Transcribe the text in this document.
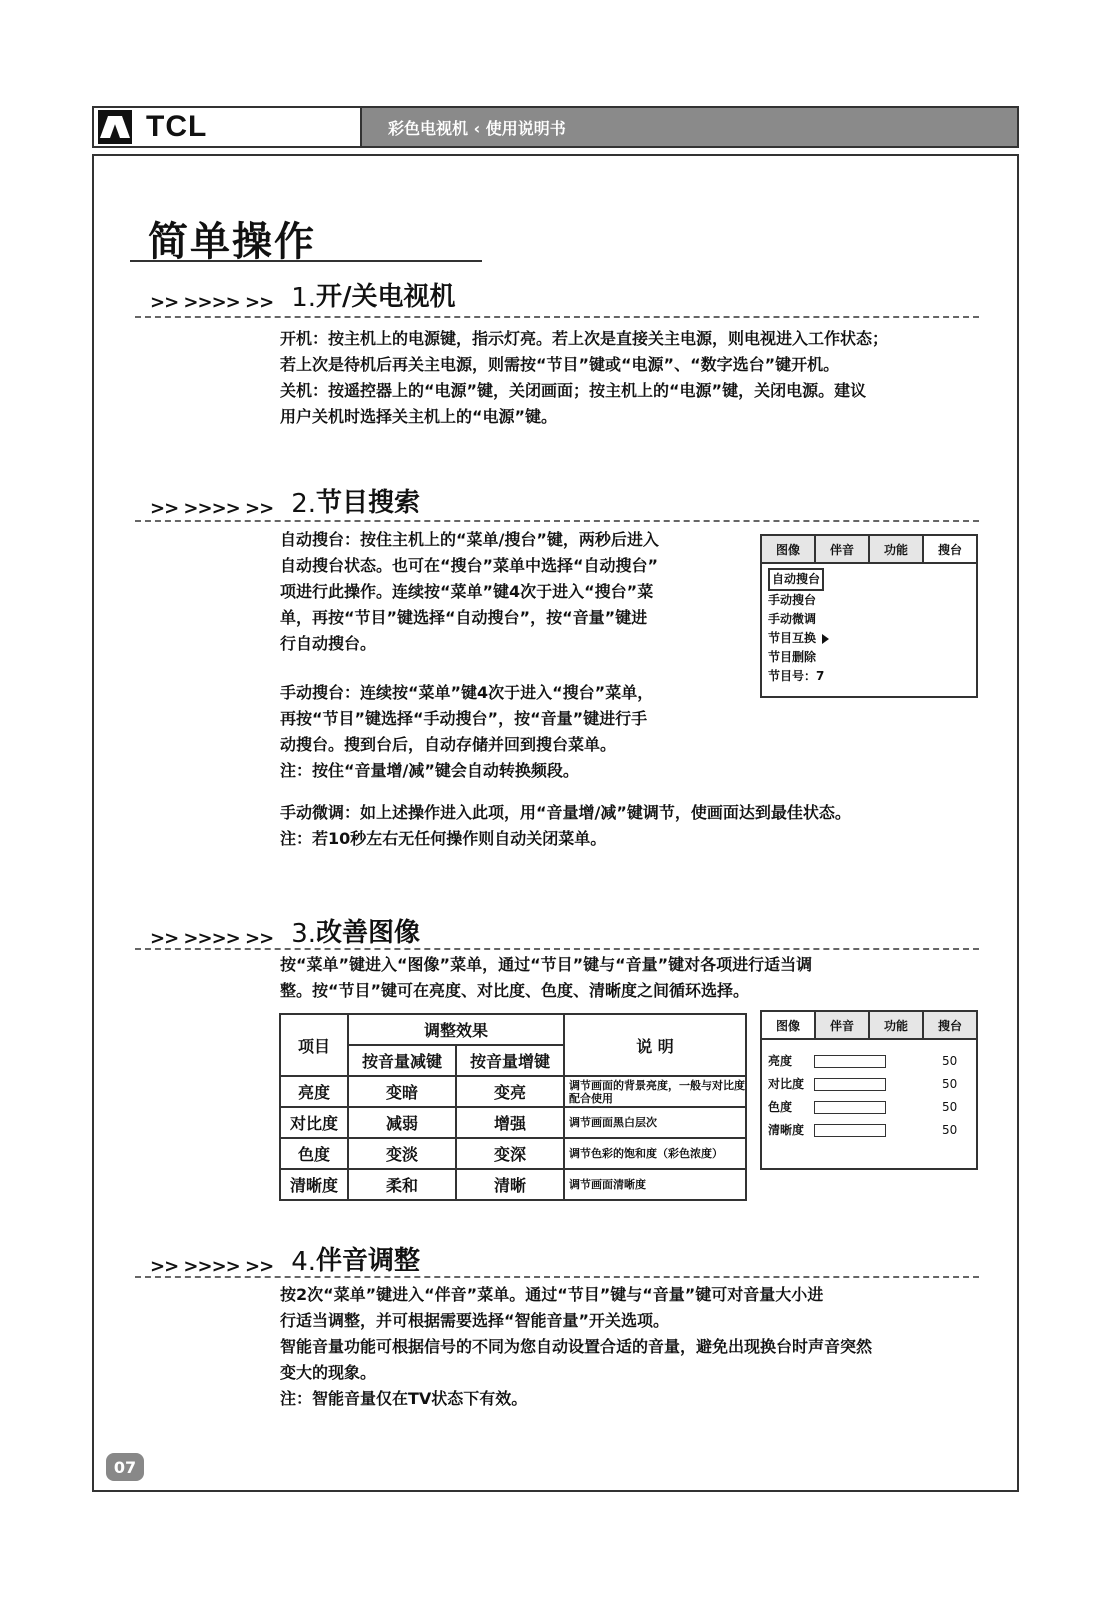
TCL	彩色电视机 ‹ 使用说明书
简单操作
>> >>>> >> 1. 开/关电视机

开机：按主机上的电源键，指示灯亮。若上次是直接关主电源，则电视进入工作状态；

若上次是待机后再关主电源，则需按“节目”键或“电源”、“数字选台”键开机。

关机：按遥控器上的“电源”键，关闭画面；按主机上的“电源”键，关闭电源。建议

用户关机时选择关主机上的“电源”键。

>> >>>> >> 2. 节目搜索

自动搜台：按住主机上的“菜单/搜台”键，两秒后进入

自动搜台状态。也可在“搜台”菜单中选择“自动搜台”

项进行此操作。连续按“菜单”键4次于进入“搜台”菜

单，再按“节目”键选择“自动搜台”，按“音量”键进

行自动搜台。

手动搜台：连续按“菜单”键4次于进入“搜台”菜单，

再按“节目”键选择“手动搜台”，按“音量”键进行手

动搜台。搜到台后，自动存储并回到搜台菜单。

注：按住“音量增/减”键会自动转换频段。

手动微调：如上述操作进入此项，用“音量增/减”键调节，使画面达到最佳状态。

注：若10秒左右无任何操作则自动关闭菜单。

图像	伴音	功能	搜台
自动搜台
手动搜台
手动微调
节目互换
节目删除
节目号：7
>> >>>> >> 3. 改善图像

按“菜单”键进入“图像”菜单，通过“节目”键与“音量”键对各项进行适当调

整。按“节目”键可在亮度、对比度、色度、清晰度之间循环选择。

项目	调整效果		说 明
	按音量减键	按音量增键	
亮度	变暗	变亮	调节画面的背景亮度，一般与对比度配合使用
对比度	减弱	增强	调节画面黑白层次
色度	变淡	变深	调节色彩的饱和度（彩色浓度）
清晰度	柔和	清晰	调节画面清晰度
图像	伴音	功能	搜台
亮度	50
对比度	50
色度	50
清晰度	50
>> >>>> >> 4. 伴音调整

按2次“菜单”键进入“伴音”菜单。通过“节目”键与“音量”键可对音量大小进

行适当调整，并可根据需要选择“智能音量”开关选项。

智能音量功能可根据信号的不同为您自动设置合适的音量，避免出现换台时声音突然

变大的现象。

注：智能音量仅在TV状态下有效。

07
